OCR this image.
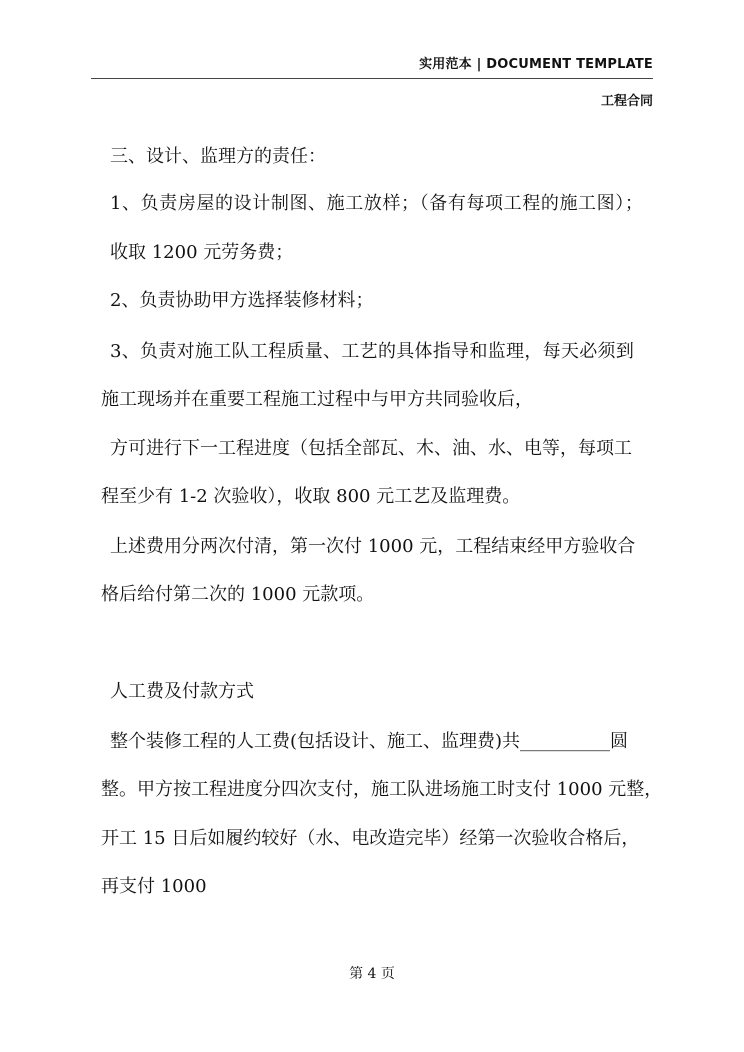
实用范本 | DOCUMENT TEMPLATE
工程合同
三、设计、监理方的责任：
1、负责房屋的设计制图、施工放样；（备有每项工程的施工图）；
收取 1200 元劳务费；
2、负责协助甲方选择装修材料；
3、负责对施工队工程质量、工艺的具体指导和监理，每天必须到
施工现场并在重要工程施工过程中与甲方共同验收后，
方可进行下一工程进度（包括全部瓦、木、油、水、电等，每项工
程至少有 1-2 次验收），收取 800 元工艺及监理费。
上述费用分两次付清，第一次付 1000 元，工程结束经甲方验收合
格后给付第二次的 1000 元款项。
人工费及付款方式
整个装修工程的人工费(包括设计、施工、监理费)共__________圆
整。甲方按工程进度分四次支付，施工队进场施工时支付 1000 元整，
开工 15 日后如履约较好（水、电改造完毕）经第一次验收合格后，
再支付 1000
第 4 页
